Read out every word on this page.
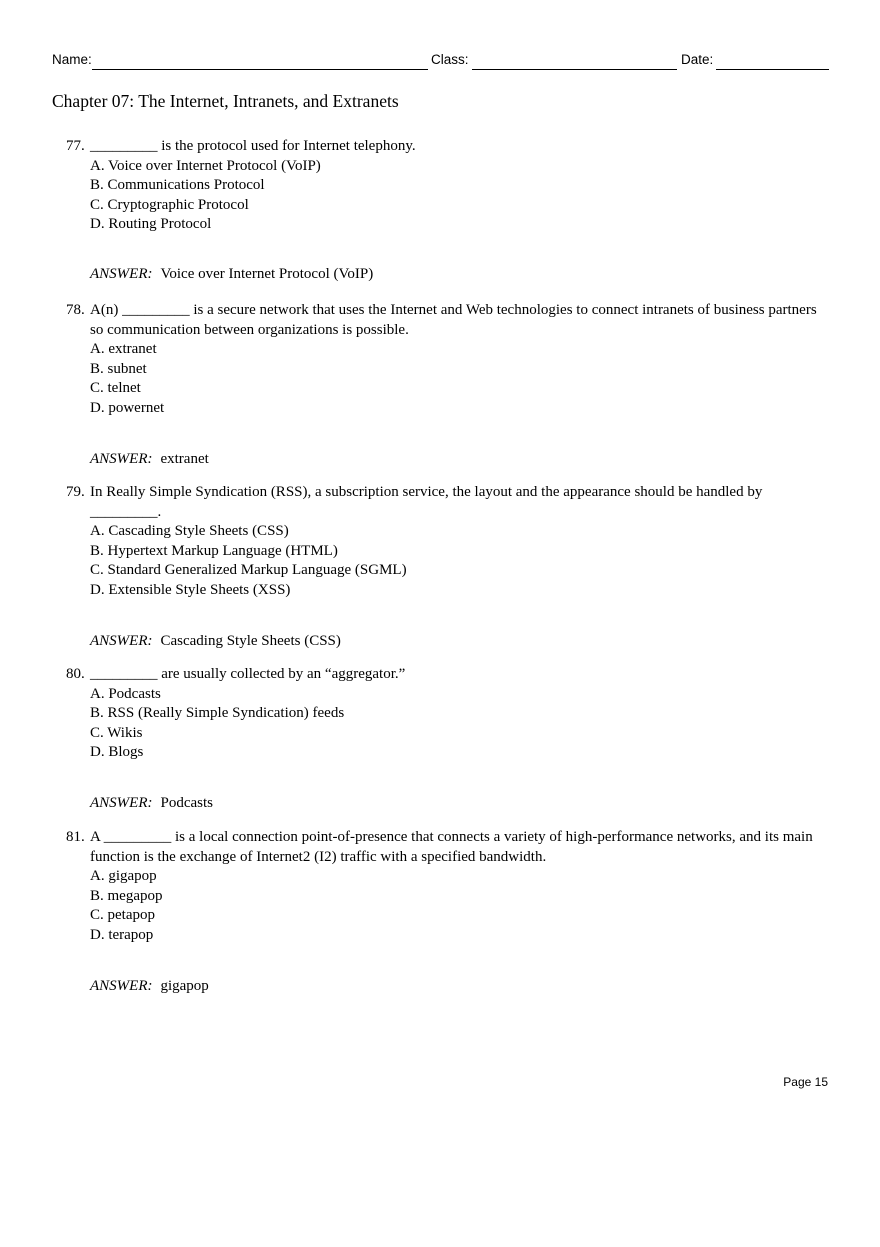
Name:	Class:	Date:
Chapter 07: The Internet, Intranets, and Extranets
77. _________ is the protocol used for Internet telephony.
A. Voice over Internet Protocol (VoIP)
B. Communications Protocol
C. Cryptographic Protocol
D. Routing Protocol
ANSWER: Voice over Internet Protocol (VoIP)
78. A(n) _________ is a secure network that uses the Internet and Web technologies to connect intranets of business partners so communication between organizations is possible.
A. extranet
B. subnet
C. telnet
D. powernet
ANSWER: extranet
79. In Really Simple Syndication (RSS), a subscription service, the layout and the appearance should be handled by _________.
A. Cascading Style Sheets (CSS)
B. Hypertext Markup Language (HTML)
C. Standard Generalized Markup Language (SGML)
D. Extensible Style Sheets (XSS)
ANSWER: Cascading Style Sheets (CSS)
80. _________ are usually collected by an “aggregator.”
A. Podcasts
B. RSS (Really Simple Syndication) feeds
C. Wikis
D. Blogs
ANSWER: Podcasts
81. A _________ is a local connection point-of-presence that connects a variety of high-performance networks, and its main function is the exchange of Internet2 (I2) traffic with a specified bandwidth.
A. gigapop
B. megapop
C. petapop
D. terapop
ANSWER: gigapop
Page 15
